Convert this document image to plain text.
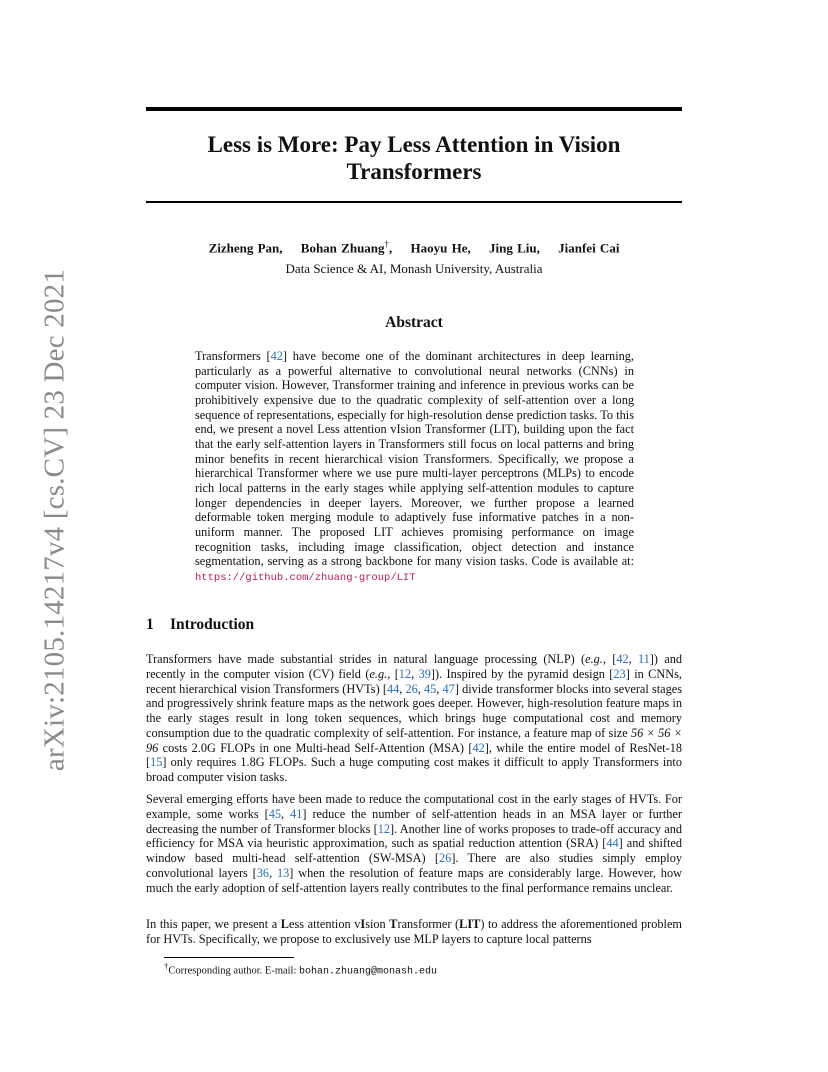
arXiv:2105.14217v4 [cs.CV] 23 Dec 2021
Less is More: Pay Less Attention in Vision
Transformers

Zizheng Pan, Bohan Zhuang†, Haoyu He, Jing Liu, Jianfei Cai

Data Science & AI, Monash University, Australia

Abstract

Transformers [42] have become one of the dominant architectures in deep learning, particularly as a powerful alternative to convolutional neural networks (CNNs) in computer vision. However, Transformer training and inference in previous works can be prohibitively expensive due to the quadratic complexity of self-attention over a long sequence of representations, especially for high-resolution dense prediction tasks. To this end, we present a novel Less attention vIsion Transformer (LIT), building upon the fact that the early self-attention layers in Transformers still focus on local patterns and bring minor benefits in recent hierarchical vision Transformers. Specifically, we propose a hierarchical Transformer where we use pure multi-layer perceptrons (MLPs) to encode rich local patterns in the early stages while applying self-attention modules to capture longer dependencies in deeper layers. Moreover, we further propose a learned deformable token merging module to adaptively fuse informative patches in a non-uniform manner. The proposed LIT achieves promising performance on image recognition tasks, including image classification, object detection and instance segmentation, serving as a strong backbone for many vision tasks. Code is available at: https://github.com/zhuang-group/LIT

1 Introduction

Transformers have made substantial strides in natural language processing (NLP) (e.g., [42, 11]) and recently in the computer vision (CV) field (e.g., [12, 39]). Inspired by the pyramid design [23] in CNNs, recent hierarchical vision Transformers (HVTs) [44, 26, 45, 47] divide transformer blocks into several stages and progressively shrink feature maps as the network goes deeper. However, high-resolution feature maps in the early stages result in long token sequences, which brings huge computational cost and memory consumption due to the quadratic complexity of self-attention. For instance, a feature map of size 56 × 56 × 96 costs 2.0G FLOPs in one Multi-head Self-Attention (MSA) [42], while the entire model of ResNet-18 [15] only requires 1.8G FLOPs. Such a huge computing cost makes it difficult to apply Transformers into broad computer vision tasks.

Several emerging efforts have been made to reduce the computational cost in the early stages of HVTs. For example, some works [45, 41] reduce the number of self-attention heads in an MSA layer or further decreasing the number of Transformer blocks [12]. Another line of works proposes to trade-off accuracy and efficiency for MSA via heuristic approximation, such as spatial reduction attention (SRA) [44] and shifted window based multi-head self-attention (SW-MSA) [26]. There are also studies simply employ convolutional layers [36, 13] when the resolution of feature maps are considerably large. However, how much the early adoption of self-attention layers really contributes to the final performance remains unclear.

In this paper, we present a Less attention vIsion Transformer (LIT) to address the aforementioned problem for HVTs. Specifically, we propose to exclusively use MLP layers to capture local patterns

†Corresponding author. E-mail: bohan.zhuang@monash.edu
